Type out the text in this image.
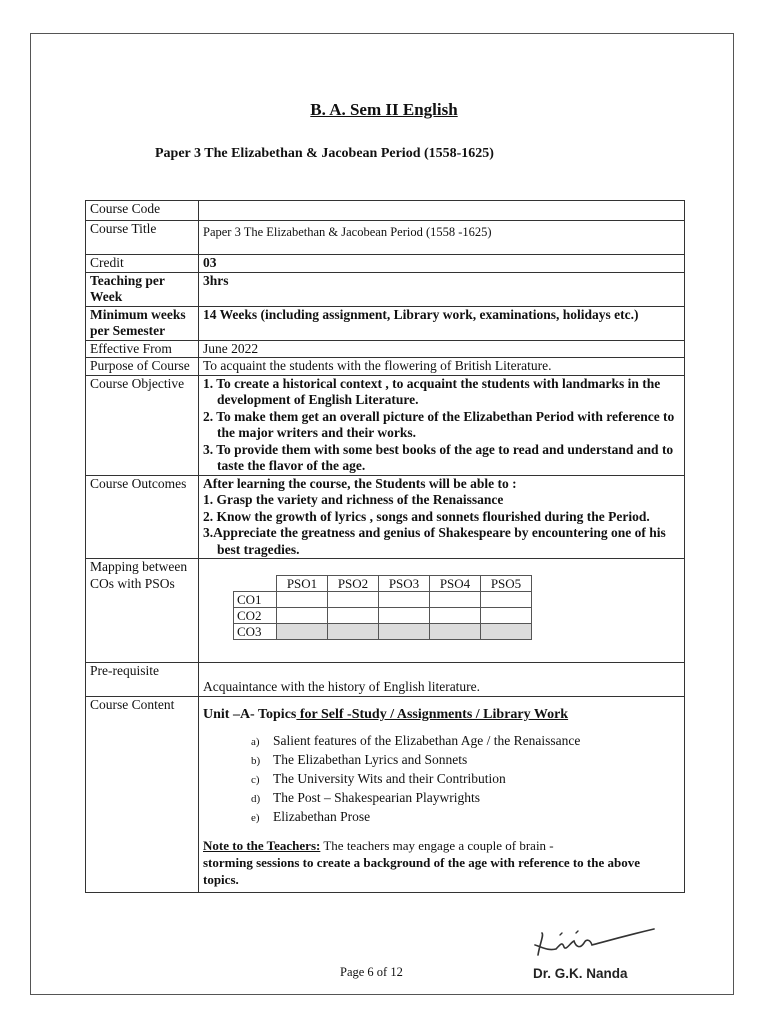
B. A. Sem II English
Paper 3 The Elizabethan & Jacobean Period (1558-1625)
Course Code	
Course Title	Paper 3 The Elizabethan & Jacobean Period (1558 -1625)
Credit	03
Teaching per Week	3hrs
Minimum weeks per Semester	14 Weeks (including assignment, Library work, examinations, holidays etc.)
Effective From	June 2022
Purpose of Course	To acquaint the students with the flowering of British Literature.
Course Objective	1. To create a historical context , to acquaint the students with landmarks in the development of English Literature.
2. To make them get an overall picture of the Elizabethan Period with reference to the major writers and their works.
3. To provide them with some best books of the age to read and understand and to taste the flavor of the age.

Course Outcomes	After learning the course, the Students will be able to :
1. Grasp the variety and richness of the Renaissance
2. Know the growth of lyrics , songs and sonnets flourished during the Period.
3.Appreciate the greatness and genius of Shakespeare by encountering one of his best tragedies.

Mapping between COs with PSOs	
		PSO1	PSO2	PSO3	PSO4	PSO5
CO1					
CO2					
CO3					

Pre-requisite	Acquaintance with the history of English literature.
Course Content	
Unit –A- Topics for Self -Study / Assignments / Library Work
a) Salient features of the Elizabethan Age / the Renaissance
b) The Elizabethan Lyrics and Sonnets
c) The University Wits and their Contribution
d) The Post – Shakespearian Playwrights
e) Elizabethan Prose
Note to the Teachers: The teachers may engage a couple of brain -
storming sessions to create a background of the age with reference to the above topics.
Page 6 of 12	Dr. G.K. Nanda
